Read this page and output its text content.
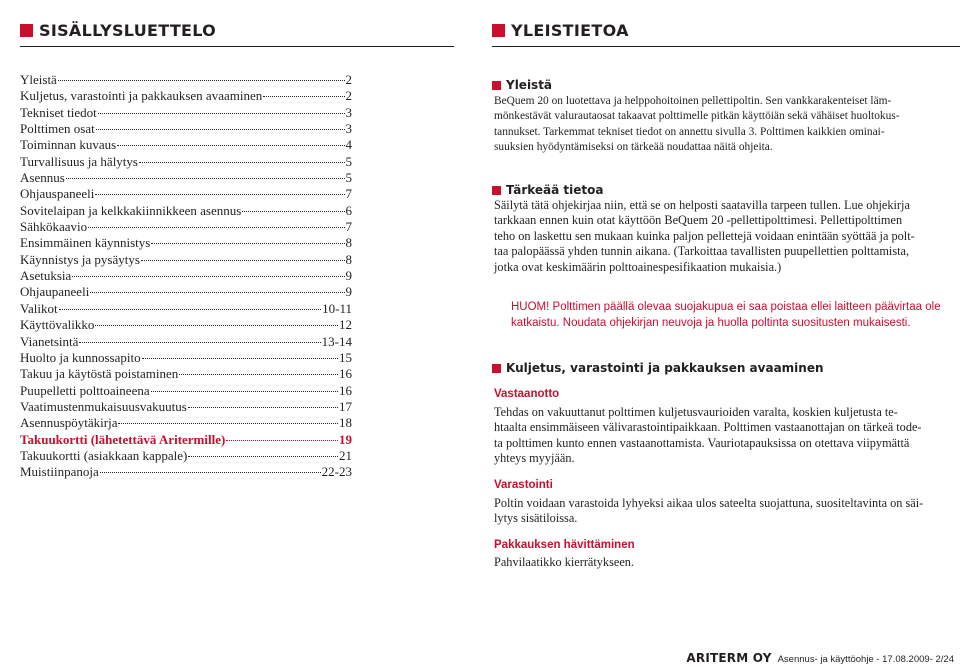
SISÄLLYSLUETTELO
Yleistä	2
Kuljetus, varastointi ja pakkauksen avaaminen	2
Tekniset tiedot	3
Polttimen osat	3
Toiminnan kuvaus	4
Turvallisuus ja hälytys	5
Asennus	5
Ohjauspaneeli	7
Sovitelaipan ja kelkkakiinnikkeen asennus	6
Sähkökaavio	7
Ensimmäinen käynnistys	8
Käynnistys ja pysäytys	8
Asetuksia	9
Ohjaupaneeli	9
Valikot	10-11
Käyttövalikko	12
Vianetsintä	13-14
Huolto ja kunnossapito	15
Takuu ja käytöstä poistaminen	16
Puupelletti polttoaineena	16
Vaatimustenmukaisuusvakuutus	17
Asennuspöytäkirja	18
Takuukortti (lähetettävä Aritermille)	19
Takuukortti (asiakkaan kappale)	21
Muistiinpanoja	22-23
YLEISTIETOA
Yleistä

BeQuem 20 on luotettava ja helppohoitoinen pellettipoltin. Sen vankkarakenteiset läm-
mönkestävät valurautaosat takaavat polttimelle pitkän käyttöiän sekä vähäiset huoltokus-
tannukset. Tarkemmat tekniset tiedot on annettu sivulla 3. Polttimen kaikkien ominai-
suuksien hyödyntämiseksi on tärkeää noudattaa näitä ohjeita.

Tärkeää tietoa

Säilytä tätä ohjekirjaa niin, että se on helposti saatavilla tarpeen tullen. Lue ohjekirja
tarkkaan ennen kuin otat käyttöön BeQuem 20 -pellettipolttimesi. Pellettipolttimen
teho on laskettu sen mukaan kuinka paljon pellettejä voidaan enintään syöttää ja polt-
taa palopäässä yhden tunnin aikana. (Tarkoittaa tavallisten puupellettien polttamista,
jotka ovat keskimäärin polttoainespesifikaation mukaisia.)

HUOM! Polttimen päällä olevaa suojakupua ei saa poistaa ellei laitteen päävirtaa ole
katkaistu. Noudata ohjekirjan neuvoja ja huolla poltinta suositusten mukaisesti.

Kuljetus, varastointi ja pakkauksen avaaminen

Vastaanotto

Tehdas on vakuuttanut polttimen kuljetusvaurioiden varalta, koskien kuljetusta te-
htaalta ensimmäiseen välivarastointipaikkaan. Polttimen vastaanottajan on tärkeä tode-
ta polttimen kunto ennen vastaanottamista. Vauriotapauksissa on otettava viipymättä
yhteys myyjään.

Varastointi

Poltin voidaan varastoida lyhyeksi aikaa ulos sateelta suojattuna, suositeltavinta on säi-
lytys sisätiloissa.

Pakkauksen hävittäminen

Pahvilaatikko kierrätykseen.

ARITERM OY Asennus- ja käyttöohje - 17.08.2009- 2/24
